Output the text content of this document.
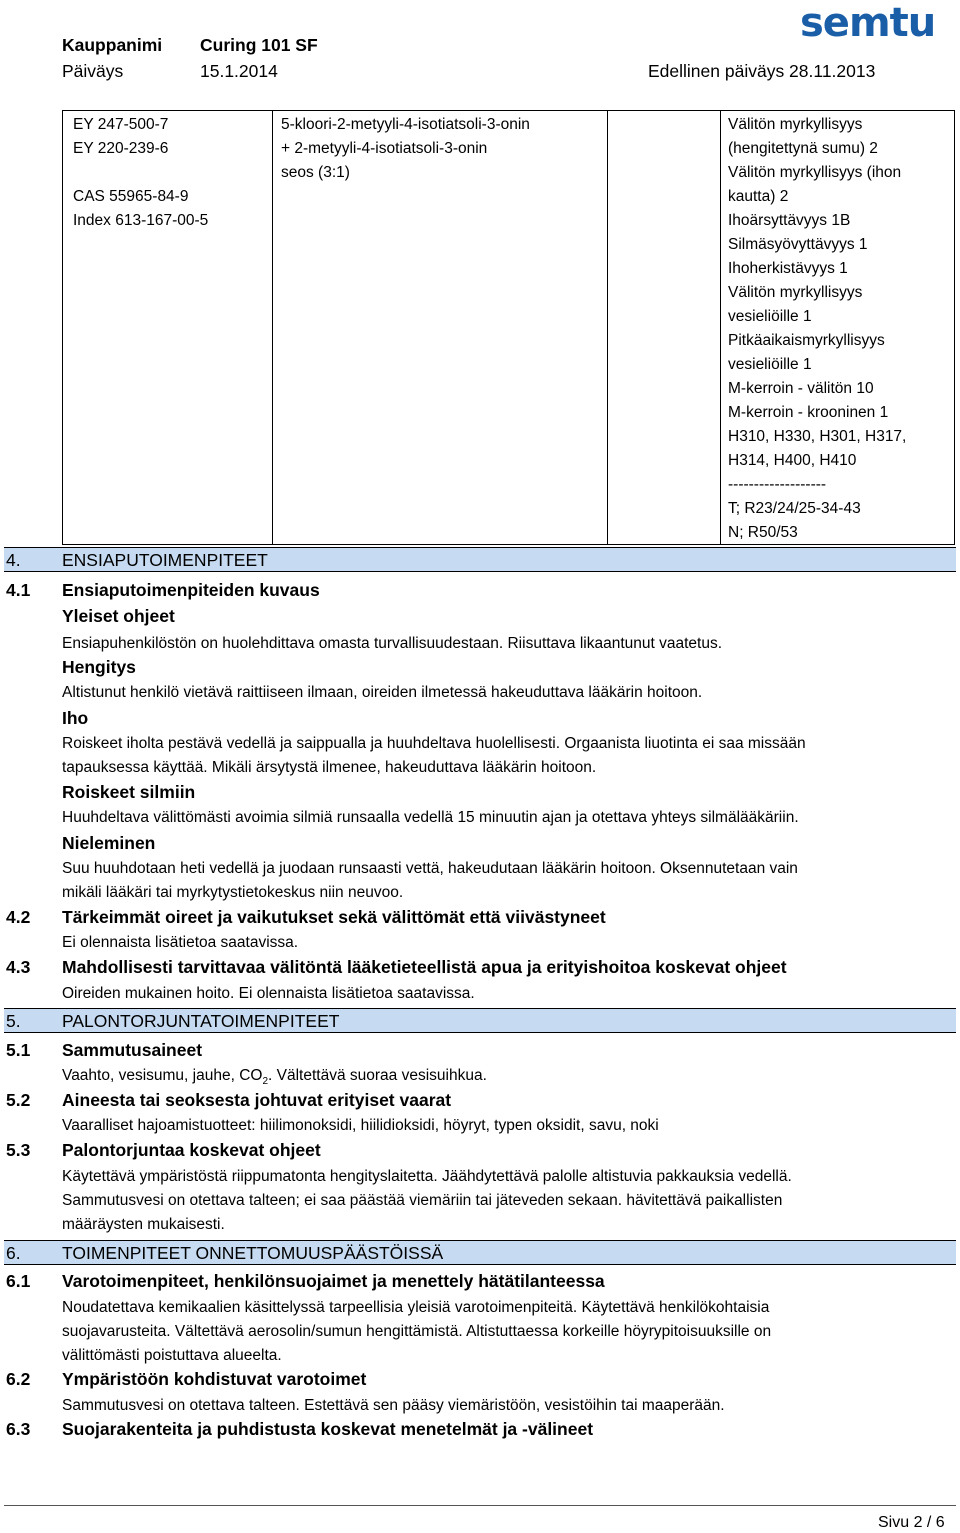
Kauppanimi Curing 101 SF
Päiväys	15.1.2014	Edellinen päiväys 28.11.2013
semtu
EY 247-500-7
EY 220-239-6
CAS 55965-84-9
Index 613-167-00-5
5-kloori-2-metyyli-4-isotiatsoli-3-onin
+ 2-metyyli-4-isotiatsoli-3-onin
seos (3:1)
Välitön myrkyllisyys
(hengitettynä sumu) 2
Välitön myrkyllisyys (ihon
kautta) 2
Ihoärsyttävyys 1B
Silmäsyövyttävyys 1
Ihoherkistävyys 1
Välitön myrkyllisyys
vesieliöille 1
Pitkäaikaismyrkyllisyys
vesieliöille 1
M-kerroin - välitön 10
M-kerroin - krooninen 1
H310, H330, H301, H317,
H314, H400, H410
-------------------
T; R23/24/25-34-43
N; R50/53
4. ENSIAPUTOIMENPITEET
4.1 Ensiaputoimenpiteiden kuvaus
Yleiset ohjeet
Ensiapuhenkilöstön on huolehdittava omasta turvallisuudestaan. Riisuttava likaantunut vaatetus.
Hengitys
Altistunut henkilö vietävä raittiiseen ilmaan, oireiden ilmetessä hakeuduttava lääkärin hoitoon.
Iho
Roiskeet iholta pestävä vedellä ja saippualla ja huuhdeltava huolellisesti. Orgaanista liuotinta ei saa missään
tapauksessa käyttää. Mikäli ärsytystä ilmenee, hakeuduttava lääkärin hoitoon.
Roiskeet silmiin
Huuhdeltava välittömästi avoimia silmiä runsaalla vedellä 15 minuutin ajan ja otettava yhteys silmälääkäriin.
Nieleminen
Suu huuhdotaan heti vedellä ja juodaan runsaasti vettä, hakeudutaan lääkärin hoitoon. Oksennutetaan vain
mikäli lääkäri tai myrkytystietokeskus niin neuvoo.
4.2 Tärkeimmät oireet ja vaikutukset sekä välittömät että viivästyneet
Ei olennaista lisätietoa saatavissa.
4.3 Mahdollisesti tarvittavaa välitöntä lääketieteellistä apua ja erityishoitoa koskevat ohjeet
Oireiden mukainen hoito. Ei olennaista lisätietoa saatavissa.
5. PALONTORJUNTATOIMENPITEET
5.1 Sammutusaineet
Vaahto, vesisumu, jauhe, $CO_2$. Vältettävä suoraa vesisuihkua.
5.2 Aineesta tai seoksesta johtuvat erityiset vaarat
Vaaralliset hajoamistuotteet: hiilimonoksidi, hiilidioksidi, höyryt, typen oksidit, savu, noki
5.3 Palontorjuntaa koskevat ohjeet
Käytettävä ympäristöstä riippumatonta hengityslaitetta. Jäähdytettävä palolle altistuvia pakkauksia vedellä.
Sammutusvesi on otettava talteen; ei saa päästää viemäriin tai jäteveden sekaan. hävitettävä paikallisten
määräysten mukaisesti.
6. TOIMENPITEET ONNETTOMUUSPÄÄSTÖISSÄ
6.1 Varotoimenpiteet, henkilönsuojaimet ja menettely hätätilanteessa
Noudatettava kemikaalien käsittelyssä tarpeellisia yleisiä varotoimenpiteitä. Käytettävä henkilökohtaisia
suojavarusteita. Vältettävä aerosolin/sumun hengittämistä. Altistuttaessa korkeille höyrypitoisuuksille on
välittömästi poistuttava alueelta.
6.2 Ympäristöön kohdistuvat varotoimet
Sammutusvesi on otettava talteen. Estettävä sen pääsy viemäristöön, vesistöihin tai maaperään.
6.3 Suojarakenteita ja puhdistusta koskevat menetelmät ja -välineet
Sivu 2 / 6
